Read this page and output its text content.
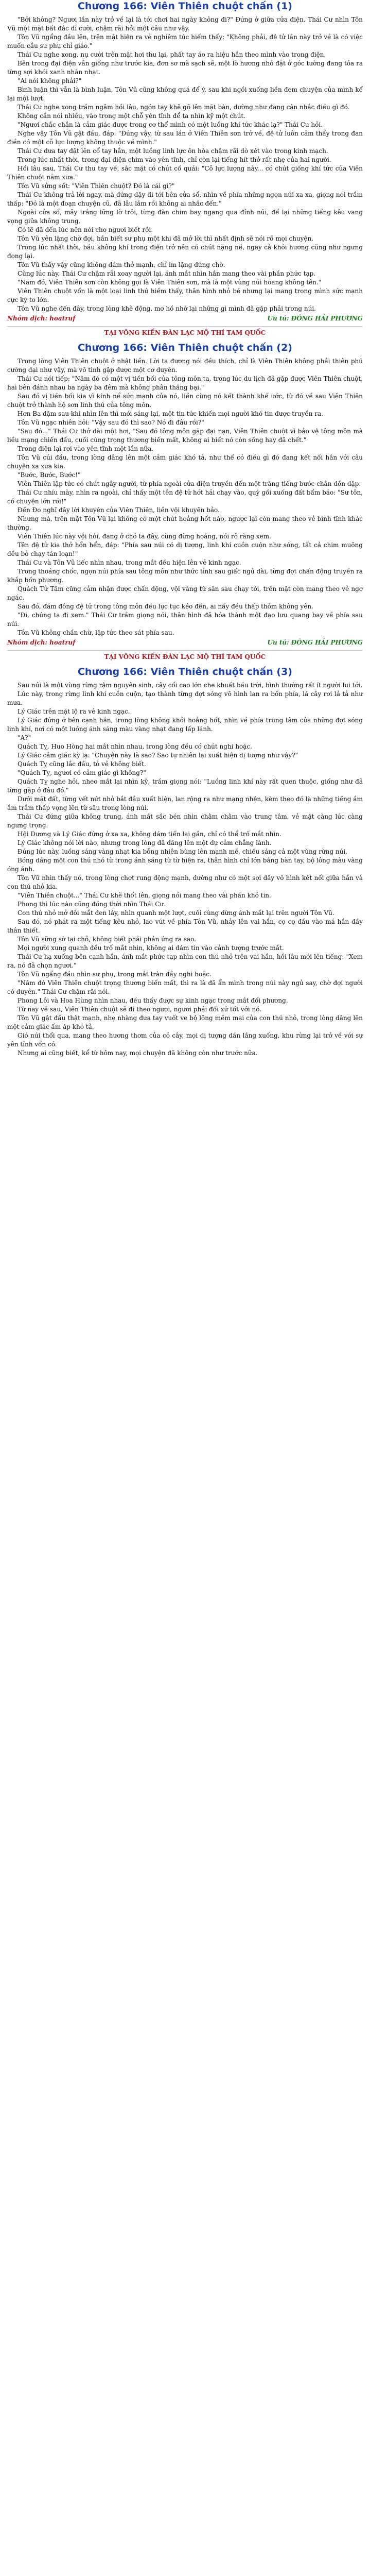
Chương 166: Viên Thiên chuột chấn (1)

"Bởi không? Ngươi lần này trở về lại là tới chơi hai ngày không đi?" Đứng ở giữa cửa điện, Thái Cư nhìn Tôn Vũ một mặt bất đắc dĩ cười, chậm rãi hỏi một câu như vậy.

Tôn Vũ ngẩng đầu lên, trên mặt hiện ra vẻ nghiêm túc hiếm thấy: "Không phải, đệ tử lần này trở về là có việc muốn cầu sư phụ chỉ giáo."

Thái Cư nghe xong, nụ cười trên mặt hơi thu lại, phất tay áo ra hiệu hắn theo mình vào trong điện.

Bên trong đại điện vẫn giống như trước kia, đơn sơ mà sạch sẽ, một lò hương nhỏ đặt ở góc tường đang tỏa ra từng sợi khói xanh nhàn nhạt.

"Ai nói không phải?"

Bình luận thì vẫn là bình luận, Tôn Vũ cũng không quá để ý, sau khi ngồi xuống liền đem chuyện của mình kể lại một lượt.

Thái Cư nghe xong trầm ngâm hồi lâu, ngón tay khẽ gõ lên mặt bàn, dường như đang cân nhắc điều gì đó.

Không cần nói nhiều, vào trong một chỗ yên tĩnh để ta nhìn kỹ một chút.

"Ngươi chắc chắn là cảm giác được trong cơ thể mình có một luồng khí tức khác lạ?" Thái Cư hỏi.

Nghe vậy Tôn Vũ gật đầu, đáp: "Đúng vậy, từ sau lần ở Viên Thiên sơn trở về, đệ tử luôn cảm thấy trong đan điền có một cỗ lực lượng không thuộc về mình."

Thái Cư đưa tay đặt lên cổ tay hắn, một luồng linh lực ôn hòa chậm rãi dò xét vào trong kinh mạch.

Trong lúc nhất thời, trong đại điện chìm vào yên tĩnh, chỉ còn lại tiếng hít thở rất nhẹ của hai người.

Hồi lâu sau, Thái Cư thu tay về, sắc mặt có chút cổ quái: "Cỗ lực lượng này... có chút giống khí tức của Viên Thiên chuột năm xưa."

Tôn Vũ sửng sốt: "Viên Thiên chuột? Đó là cái gì?"

Thái Cư không trả lời ngay, mà đứng dậy đi tới bên cửa sổ, nhìn về phía những ngọn núi xa xa, giọng nói trầm thấp: "Đó là một đoạn chuyện cũ, đã lâu lắm rồi không ai nhắc đến."

Ngoài cửa sổ, mây trắng lững lờ trôi, từng đàn chim bay ngang qua đỉnh núi, để lại những tiếng kêu vang vọng giữa không trung.

Có lẽ đã đến lúc nên nói cho ngươi biết rồi.

Tôn Vũ yên lặng chờ đợi, hắn biết sư phụ một khi đã mở lời thì nhất định sẽ nói rõ mọi chuyện.

Trong lúc nhất thời, bầu không khí trong điện trở nên có chút nặng nề, ngay cả khói hương cũng như ngưng đọng lại.

Tôn Vũ thấy vậy cũng không dám thở mạnh, chỉ im lặng đứng chờ.

Cũng lúc này, Thái Cư chậm rãi xoay người lại, ánh mắt nhìn hắn mang theo vài phần phức tạp.

"Năm đó, Viên Thiên sơn còn không gọi là Viên Thiên sơn, mà là một vùng núi hoang không tên."

Viên Thiên chuột vốn là một loại linh thú hiếm thấy, thân hình nhỏ bé nhưng lại mang trong mình sức mạnh cực kỳ to lớn.

Tôn Vũ nghe đến đây, trong lòng khẽ động, mơ hồ nhớ lại những gì mình đã gặp phải trong núi.

Nhóm dịch: hoatruf	Ưu tú: ĐÔNG HẢI PHƯƠNG
TẠI VÔNG KIẾN ĐÀN LẠC MỘ THÍ TAM QUỐC
Chương 166: Viên Thiên chuột chấn (2)

Trong lòng Viên Thiên chuột ở nhật liền. Lời ta đương nói đều thích, chỉ là Viên Thiên không phải thiên phú cường đại như vậy, mà vô tình gặp được một cơ duyên.

Thái Cư nói tiếp: "Năm đó có một vị tiền bối của tông môn ta, trong lúc du lịch đã gặp được Viên Thiên chuột, hai bên đánh nhau ba ngày ba đêm mà không phân thắng bại."

Sau đó vị tiền bối kia vì kính nể sức mạnh của nó, liền cùng nó kết thành khế ước, từ đó về sau Viên Thiên chuột trở thành hộ sơn linh thú của tông môn.

Hơn Ba dặm sau khi nhìn lên thì mới sáng lại, một tin tức khiến mọi người khó tin được truyền ra.

Tôn Vũ ngạc nhiên hỏi: "Vậy sau đó thì sao? Nó đi đâu rồi?"

"Sau đó..." Thái Cư thở dài một hơi, "Sau đó tông môn gặp đại nạn, Viên Thiên chuột vì bảo vệ tông môn mà liều mạng chiến đấu, cuối cùng trọng thương biến mất, không ai biết nó còn sống hay đã chết."

Trong điện lại rơi vào yên tĩnh một lần nữa.

Tôn Vũ cúi đầu, trong lòng dâng lên một cảm giác khó tả, như thể có điều gì đó đang kết nối hắn với câu chuyện xa xưa kia.

"Bước, Bước, Bước!"

Viên Thiên lập tức có chút ngây người, từ phía ngoài cửa điện truyền đến một tràng tiếng bước chân dồn dập.

Thái Cư nhíu mày, nhìn ra ngoài, chỉ thấy một tên đệ tử hớt hải chạy vào, quỳ gối xuống đất bẩm báo: "Sư tôn, có chuyện lớn rồi!"

Đến Đo nghĩ đây lời khuyên của Viên Thiên, liền vội khuyên bảo.

Nhưng mà, trên mặt Tôn Vũ lại không có một chút hoảng hốt nào, ngược lại còn mang theo vẻ bình tĩnh khác thường.

Viên Thiên lúc này vội hỏi, đang ở chỗ ta đây, cũng đừng hoảng, nói rõ ràng xem.

Tên đệ tử kia thở hổn hển, đáp: "Phía sau núi có dị tượng, linh khí cuồn cuộn như sóng, tất cả chim muông đều bỏ chạy tán loạn!"

Thái Cư và Tôn Vũ liếc nhìn nhau, trong mắt đều hiện lên vẻ kinh ngạc.

Trong thoáng chốc, ngọn núi phía sau tông môn như thức tỉnh sau giấc ngủ dài, từng đợt chấn động truyền ra khắp bốn phương.

Quách Tử Tâm cũng cảm nhận được chấn động, vội vàng từ sân sau chạy tới, trên mặt còn mang theo vẻ ngơ ngác.

Sau đó, đám đông đệ tử trong tông môn đều lục tục kéo đến, ai nấy đều thấp thỏm không yên.

"Đi, chúng ta đi xem." Thái Cư trầm giọng nói, thân hình đã hóa thành một đạo lưu quang bay về phía sau núi.

Tôn Vũ không chần chừ, lập tức theo sát phía sau.

Nhóm dịch: hoatruf	Ưu tú: ĐÔNG HẢI PHƯƠNG
TẠI VÔNG KIẾN ĐÀN LẠC MỘ THÍ TAM QUỐC
Chương 166: Viên Thiên chuột chấn (3)

Sau núi là một vùng rừng rậm nguyên sinh, cây cối cao lớn che khuất bầu trời, bình thường rất ít người lui tới.

Lúc này, trong rừng linh khí cuồn cuộn, tạo thành từng đợt sóng vô hình lan ra bốn phía, lá cây rơi lả tả như mưa.

Lý Giác trên mặt lộ ra vẻ kinh ngạc.

Lý Giác đứng ở bên cạnh hắn, trong lòng không khỏi hoảng hốt, nhìn về phía trung tâm của những đợt sóng linh khí, nơi có một luồng ánh sáng màu vàng nhạt đang lấp lánh.

"A?"

Quách Tỵ, Huo Hòng hai mắt nhìn nhau, trong lòng đều có chút nghi hoặc.

Lý Giác cảm giác kỳ lạ: "Chuyện này là sao? Sao tự nhiên lại xuất hiện dị tượng như vậy?"

Quách Tỵ cũng lắc đầu, tỏ vẻ không biết.

"Quách Tỵ, ngươi có cảm giác gì không?"

Quách Tỵ nghe hỏi, nheo mắt lại nhìn kỹ, trầm giọng nói: "Luồng linh khí này rất quen thuộc, giống như đã từng gặp ở đâu đó."

Dưới mặt đất, từng vết nứt nhỏ bắt đầu xuất hiện, lan rộng ra như mạng nhện, kèm theo đó là những tiếng ầm ầm trầm thấp vọng lên từ sâu trong lòng núi.

Thái Cư đứng giữa không trung, ánh mắt sắc bén nhìn chằm chằm vào trung tâm, vẻ mặt càng lúc càng ngưng trọng.

Hội Dương và Lý Giác đứng ở xa xa, không dám tiến lại gần, chỉ có thể trố mắt nhìn.

Lý Giác không nói lời nào, nhưng trong lòng đã dâng lên một dự cảm chẳng lành.

Đúng lúc này, luồng sáng vàng nhạt kia bỗng nhiên bùng lên mạnh mẽ, chiếu sáng cả một vùng rừng núi.

Bóng dáng một con thú nhỏ từ trong ánh sáng từ từ hiện ra, thân hình chỉ lớn bằng bàn tay, bộ lông màu vàng óng ánh.

Tôn Vũ nhìn thấy nó, trong lòng chợt rung động mạnh, dường như có một sợi dây vô hình kết nối giữa hắn và con thú nhỏ kia.

"Viên Thiên chuột..." Thái Cư khẽ thốt lên, giọng nói mang theo vài phần khó tin.

Phong thì lúc nào cũng đồng thời nhìn Thái Cư.

Con thú nhỏ mở đôi mắt đen láy, nhìn quanh một lượt, cuối cùng dừng ánh mắt lại trên người Tôn Vũ.

Sau đó, nó phát ra một tiếng kêu nhỏ, lao vút về phía Tôn Vũ, nhảy lên vai hắn, cọ cọ đầu vào má hắn đầy thân thiết.

Tôn Vũ sững sờ tại chỗ, không biết phải phản ứng ra sao.

Mọi người xung quanh đều trố mắt nhìn, không ai dám tin vào cảnh tượng trước mắt.

Thái Cư hạ xuống bên cạnh hắn, ánh mắt phức tạp nhìn con thú nhỏ trên vai hắn, hồi lâu mới lên tiếng: "Xem ra, nó đã chọn ngươi."

Tôn Vũ ngẩng đầu nhìn sư phụ, trong mắt tràn đầy nghi hoặc.

"Năm đó Viên Thiên chuột trọng thương biến mất, thì ra là đã ẩn mình trong núi này ngủ say, chờ đợi người có duyên." Thái Cư chậm rãi nói.

Phong Lôi và Hoa Hùng nhìn nhau, đều thấy được sự kinh ngạc trong mắt đối phương.

Từ nay về sau, Viên Thiên chuột sẽ đi theo ngươi, ngươi phải đối xử tốt với nó.

Tôn Vũ gật đầu thật mạnh, nhẹ nhàng đưa tay vuốt ve bộ lông mềm mại của con thú nhỏ, trong lòng dâng lên một cảm giác ấm áp khó tả.

Gió núi thổi qua, mang theo hương thơm của cỏ cây, mọi dị tượng dần lắng xuống, khu rừng lại trở về với sự yên tĩnh vốn có.

Nhưng ai cũng biết, kể từ hôm nay, mọi chuyện đã không còn như trước nữa.
